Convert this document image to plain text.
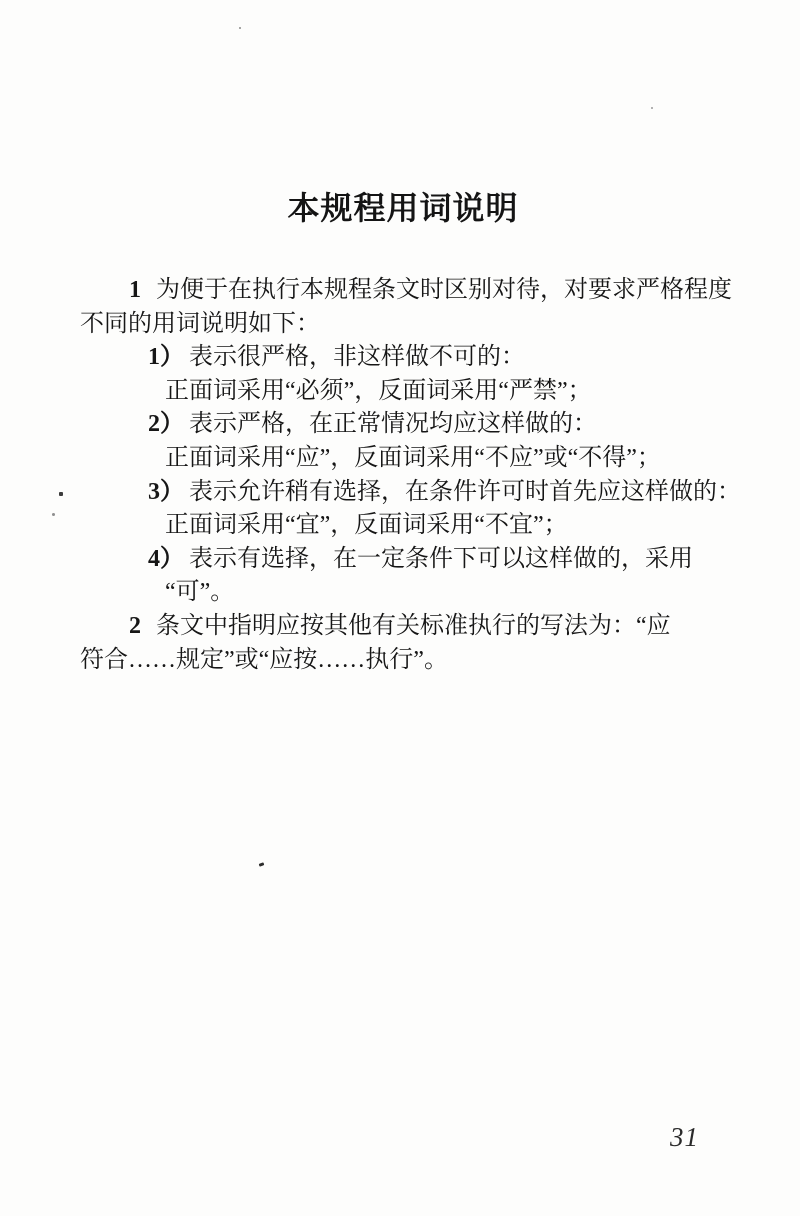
本规程用词说明
1 为便于在执行本规程条文时区别对待，对要求严格程度
不同的用词说明如下：
1） 表示很严格，非这样做不可的：
正面词采用“必须”，反面词采用“严禁”；
2） 表示严格，在正常情况均应这样做的：
正面词采用“应”，反面词采用“不应”或“不得”；
3） 表示允许稍有选择，在条件许可时首先应这样做的：
正面词采用“宜”，反面词采用“不宜”；
4） 表示有选择，在一定条件下可以这样做的，采用
“可”。
2 条文中指明应按其他有关标准执行的写法为：“应
符合……规定”或“应按……执行”。
31
